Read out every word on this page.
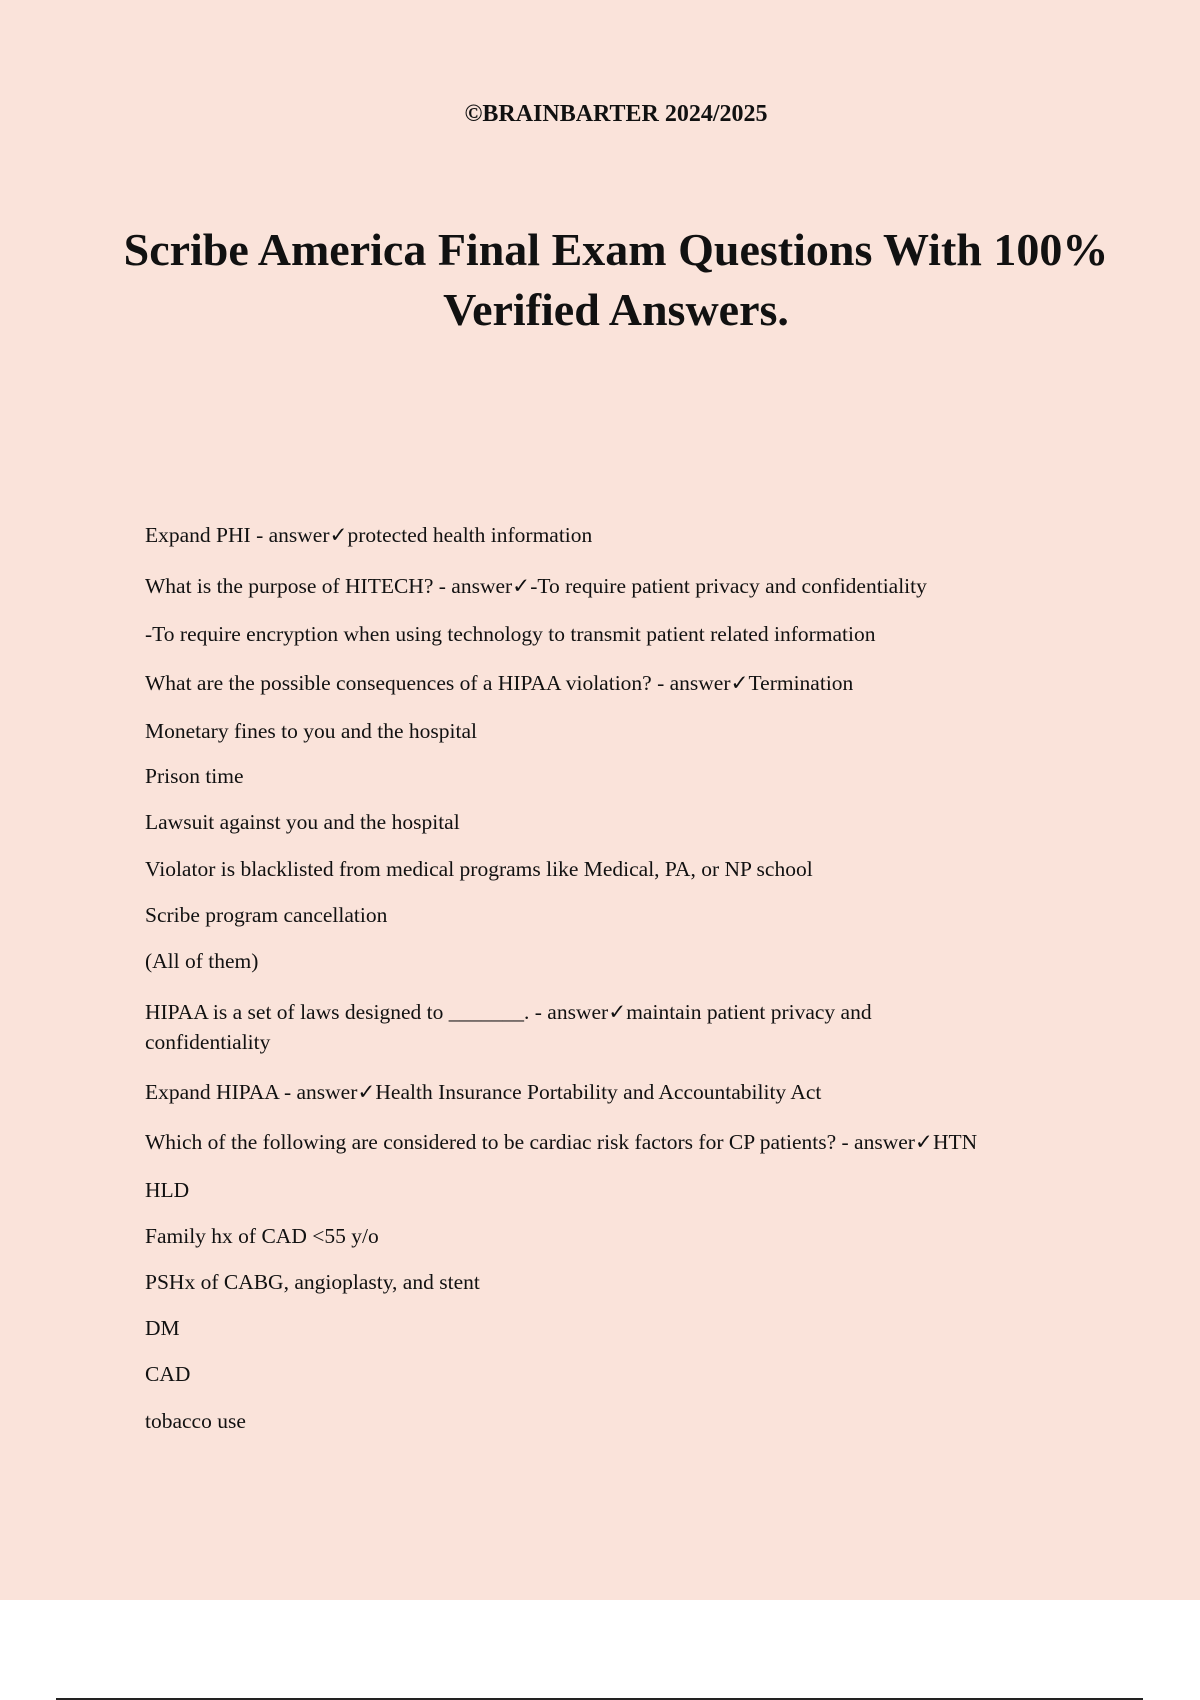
©BRAINBARTER 2024/2025
Scribe America Final Exam Questions With 100% Verified Answers.
Expand PHI - answer✓protected health information
What is the purpose of HITECH? - answer✓-To require patient privacy and confidentiality
-To require encryption when using technology to transmit patient related information
What are the possible consequences of a HIPAA violation? - answer✓Termination
Monetary fines to you and the hospital
Prison time
Lawsuit against you and the hospital
Violator is blacklisted from medical programs like Medical, PA, or NP school
Scribe program cancellation
(All of them)
HIPAA is a set of laws designed to _______. - answer✓maintain patient privacy and confidentiality
Expand HIPAA - answer✓Health Insurance Portability and Accountability Act
Which of the following are considered to be cardiac risk factors for CP patients? - answer✓HTN
HLD
Family hx of CAD <55 y/o
PSHx of CABG, angioplasty, and stent
DM
CAD
tobacco use
